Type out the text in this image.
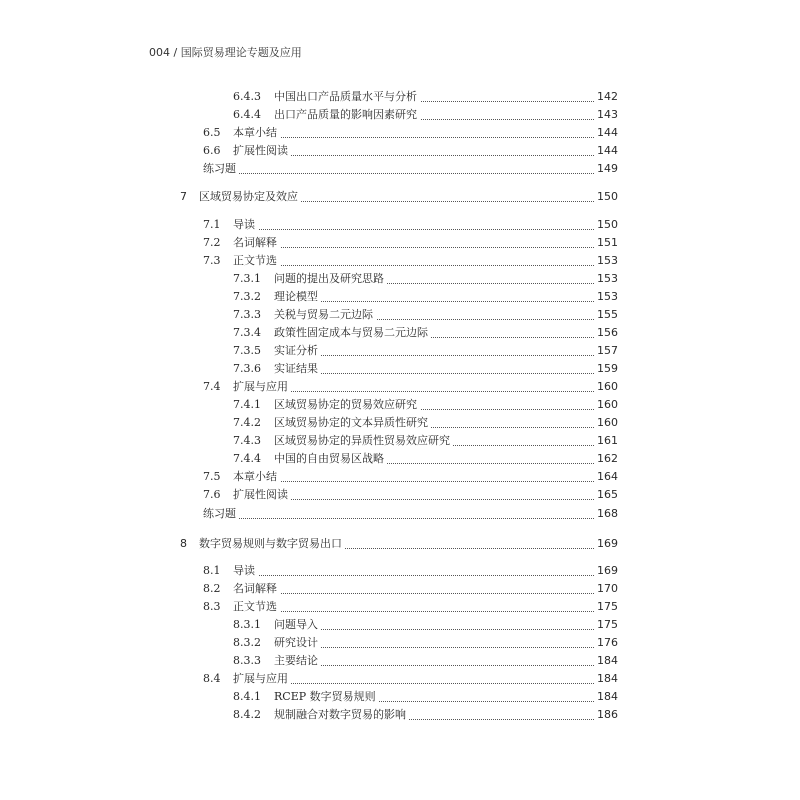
004 / 国际贸易理论专题及应用
6.4.3 中国出口产品质量水平与分析	142
6.4.4 出口产品质量的影响因素研究	143
6.5 本章小结	144
6.6 扩展性阅读	144
练习题	149
7 区域贸易协定及效应	150
7.1 导读	150
7.2 名词解释	151
7.3 正文节选	153
7.3.1 问题的提出及研究思路	153
7.3.2 理论模型	153
7.3.3 关税与贸易二元边际	155
7.3.4 政策性固定成本与贸易二元边际	156
7.3.5 实证分析	157
7.3.6 实证结果	159
7.4 扩展与应用	160
7.4.1 区域贸易协定的贸易效应研究	160
7.4.2 区域贸易协定的文本异质性研究	160
7.4.3 区域贸易协定的异质性贸易效应研究	161
7.4.4 中国的自由贸易区战略	162
7.5 本章小结	164
7.6 扩展性阅读	165
练习题	168
8 数字贸易规则与数字贸易出口	169
8.1 导读	169
8.2 名词解释	170
8.3 正文节选	175
8.3.1 问题导入	175
8.3.2 研究设计	176
8.3.3 主要结论	184
8.4 扩展与应用	184
8.4.1 RCEP 数字贸易规则	184
8.4.2 规制融合对数字贸易的影响	186
